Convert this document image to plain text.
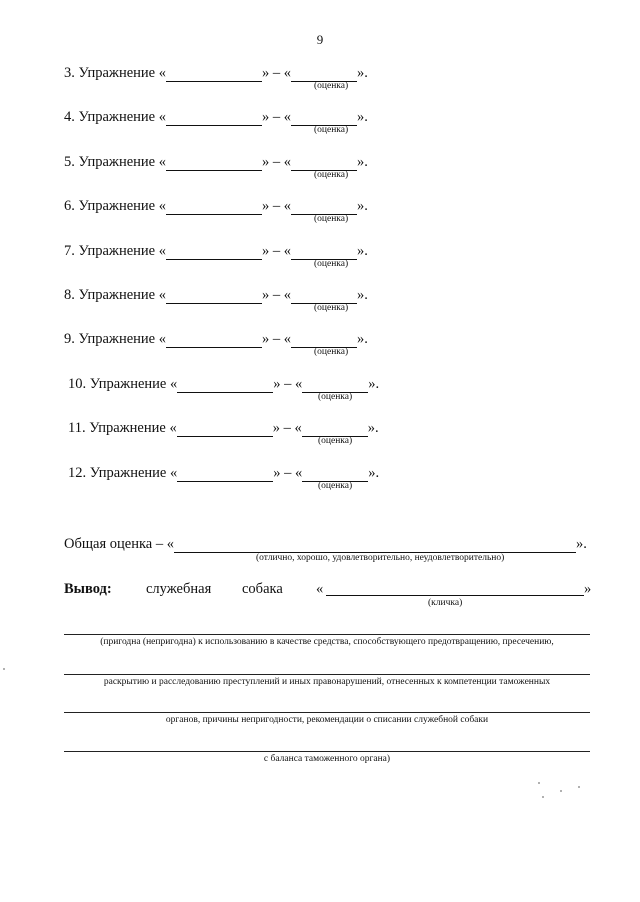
9
3. Упражнение «	» – «	».
(оценка)
4. Упражнение «	» – «	».
(оценка)
5. Упражнение «	» – «	».
(оценка)
6. Упражнение «	» – «	».
(оценка)
7. Упражнение «	» – «	».
(оценка)
8. Упражнение «	» – «	».
(оценка)
9. Упражнение «	» – «	».
(оценка)
10. Упражнение «	» – «	».
(оценка)
11. Упражнение «	» – «	».
(оценка)
12. Упражнение «	» – «	».
(оценка)
Общая оценка – «	».
(отличнo, хорошо, удовлетворительно, неудовлетворительно)
Вывод: служебная собака «	»
(кличка)
(пригодна (непригодна) к использованию в качестве средства, способствующего предотвращению, пресечению,
раскрытию и расследованию преступлений и иных правонарушений, отнесенных к компетенции таможенных
органов, причины непригодности, рекомендации о списании служебной собаки
с баланса таможенного органа)
